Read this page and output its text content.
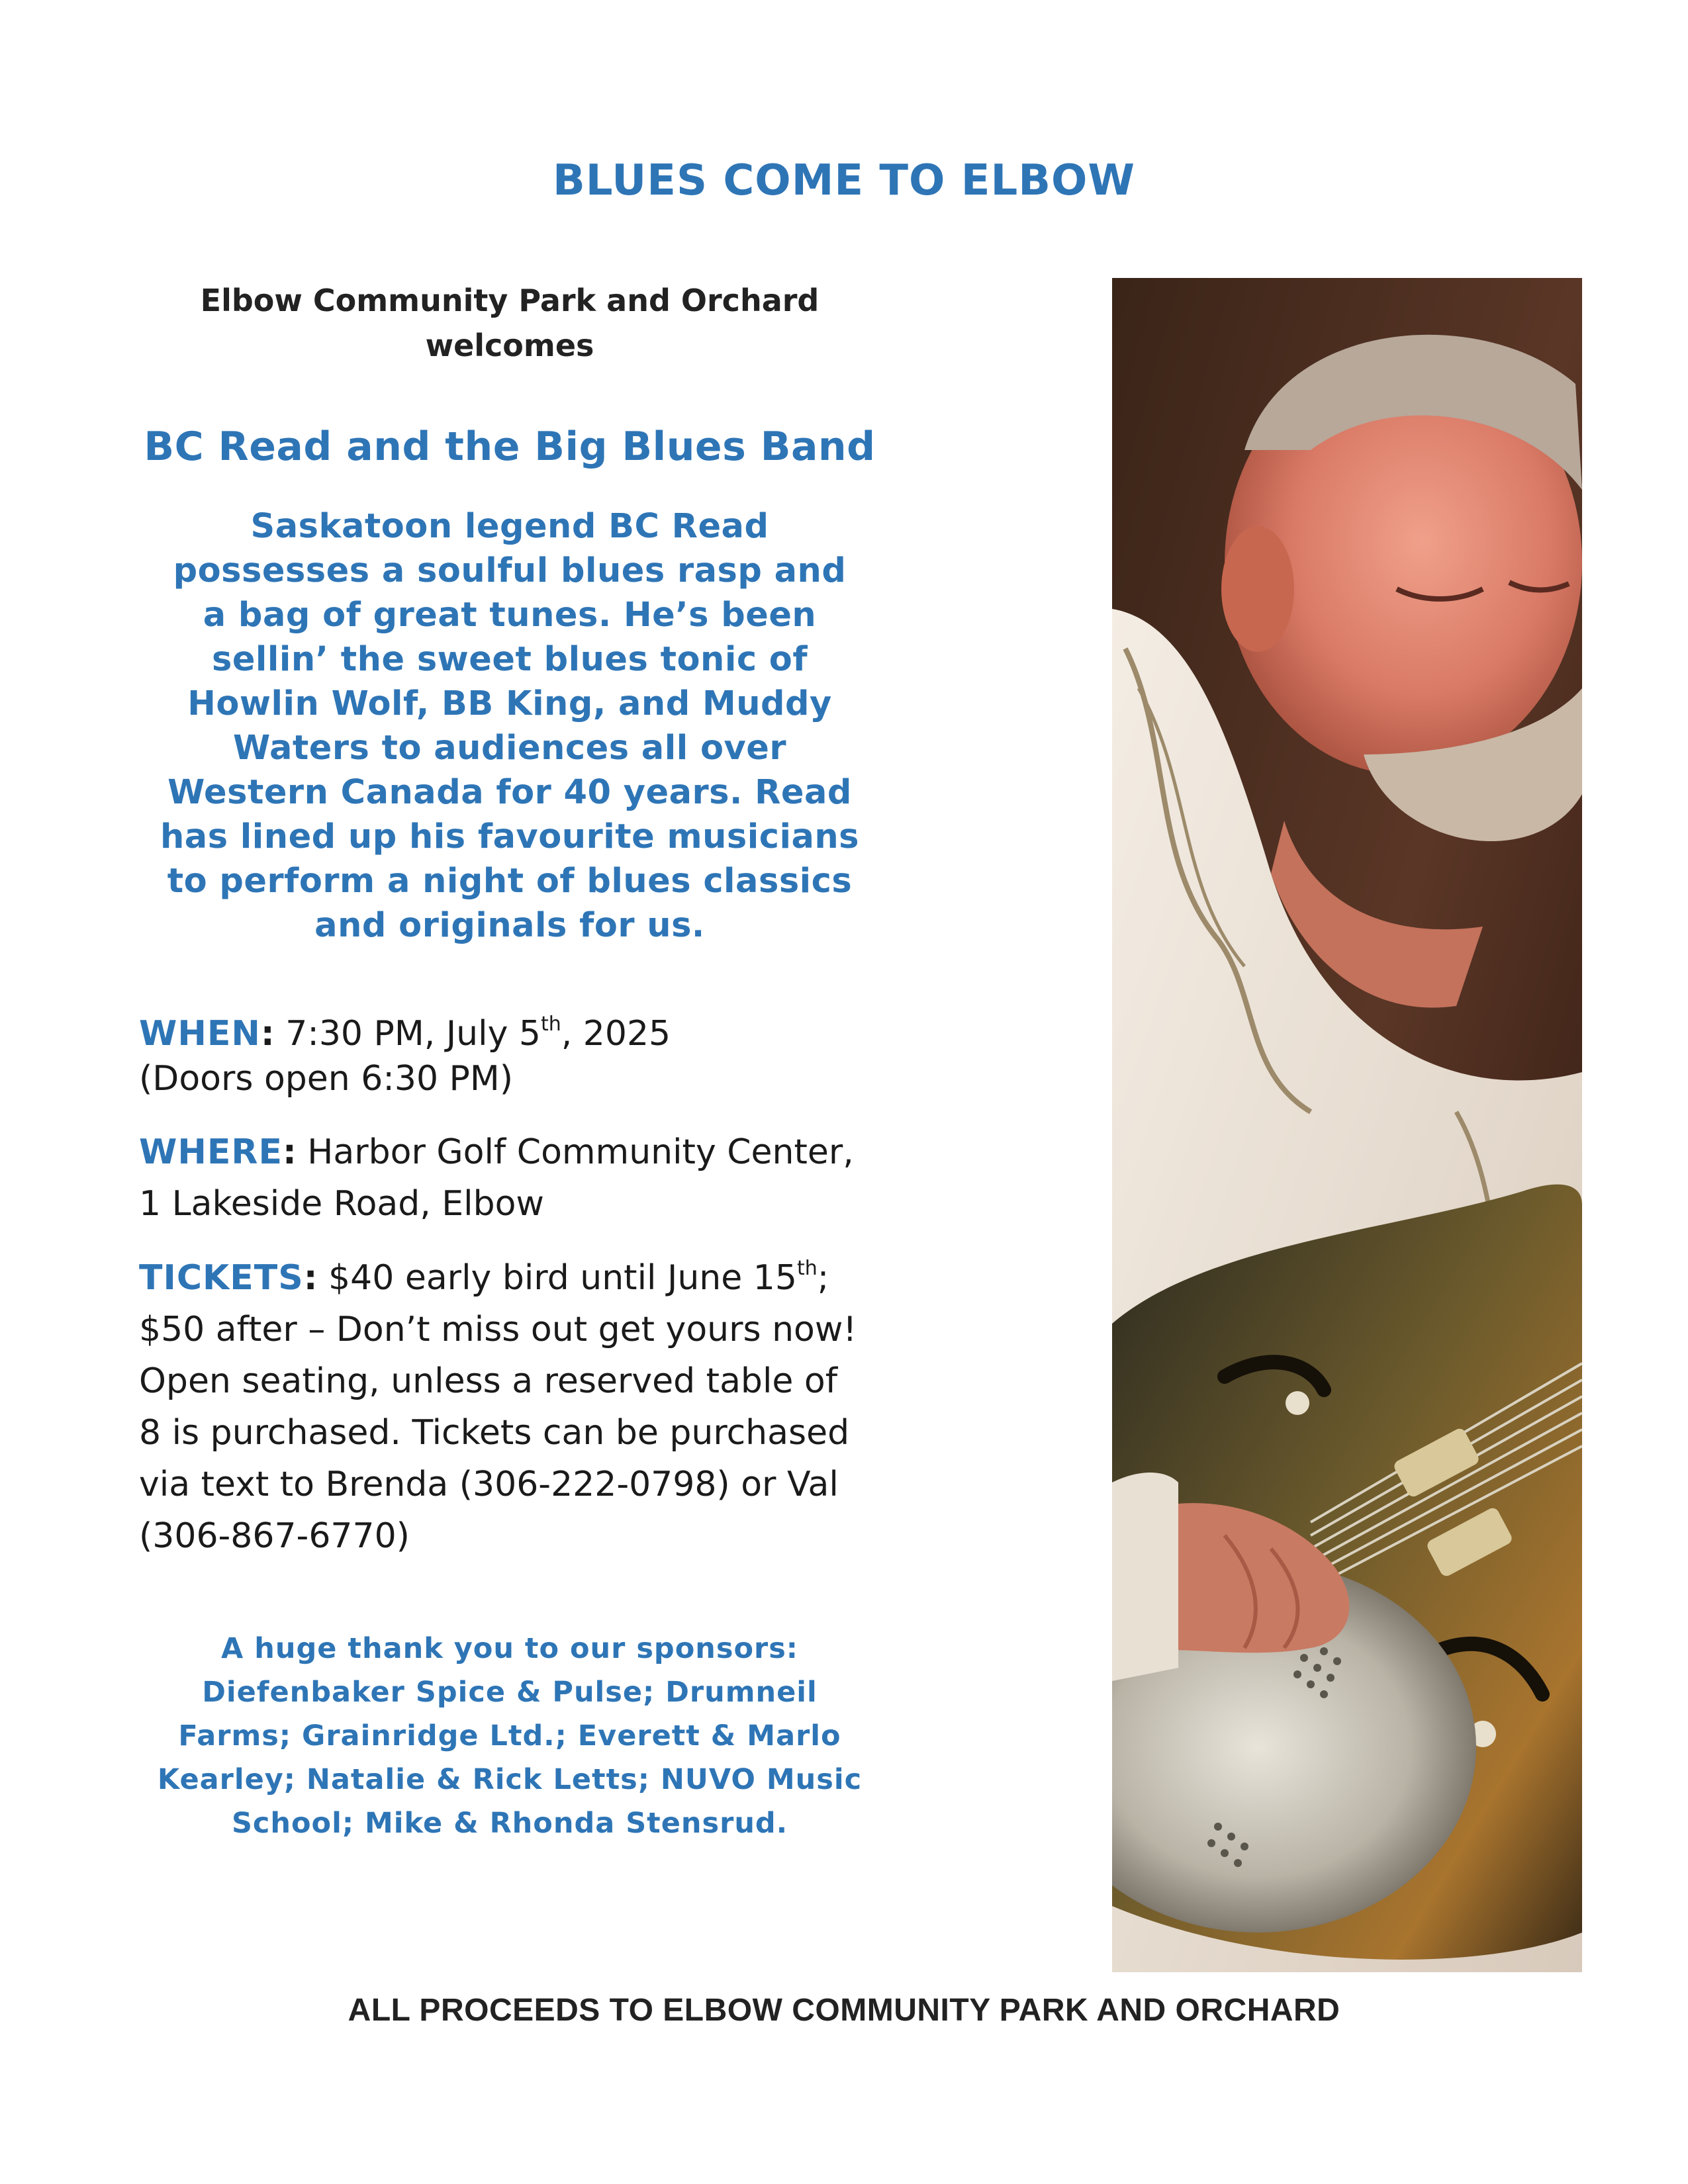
BLUES COME TO ELBOW
Elbow Community Park and Orchard
welcomes
BC Read and the Big Blues Band
Saskatoon legend BC Read
possesses a soulful blues rasp and
a bag of great tunes. He’s been
sellin’ the sweet blues tonic of
Howlin Wolf, BB King, and Muddy
Waters to audiences all over
Western Canada for 40 years. Read
has lined up his favourite musicians
to perform a night of blues classics
and originals for us.
WHEN: 7:30 PM, July 5th, 2025
(Doors open 6:30 PM)
WHERE: Harbor Golf Community Center,
1 Lakeside Road, Elbow
TICKETS: $40 early bird until June 15th;
$50 after – Don’t miss out get yours now!
Open seating, unless a reserved table of
8 is purchased. Tickets can be purchased
via text to Brenda (306-222-0798) or Val
(306-867-6770)
A huge thank you to our sponsors:
Diefenbaker Spice & Pulse; Drumneil
Farms; Grainridge Ltd.; Everett & Marlo
Kearley; Natalie & Rick Letts; NUVO Music
School; Mike & Rhonda Stensrud.
ALL PROCEEDS TO ELBOW COMMUNITY PARK AND ORCHARD
